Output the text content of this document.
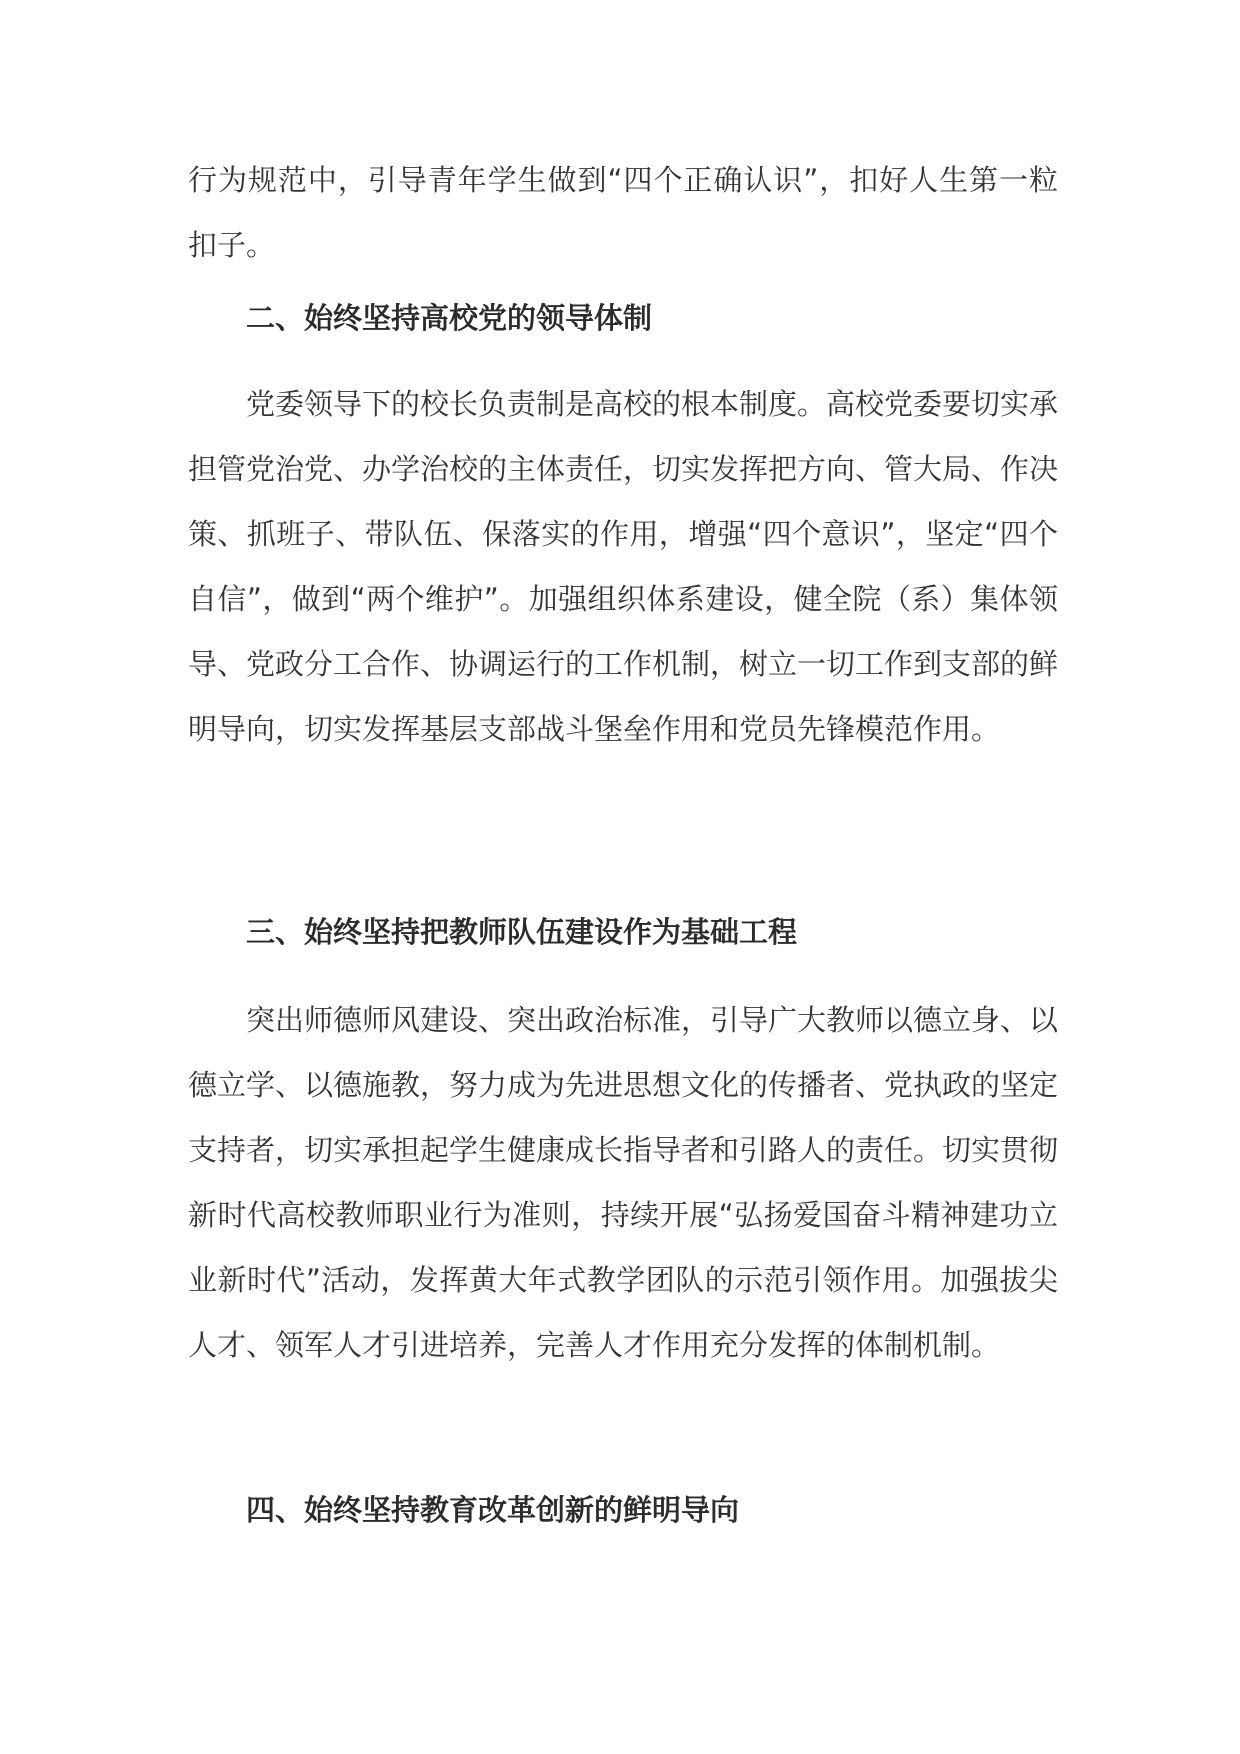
行为规范中，引导青年学生做到“四个正确认识”，扣好人生第一粒扣子。

二、始终坚持高校党的领导体制

党委领导下的校长负责制是高校的根本制度。高校党委要切实承担管党治党、办学治校的主体责任，切实发挥把方向、管大局、作决策、抓班子、带队伍、保落实的作用，增强“四个意识”，坚定“四个自信”，做到“两个维护”。加强组织体系建设，健全院（系）集体领导、党政分工合作、协调运行的工作机制，树立一切工作到支部的鲜明导向，切实发挥基层支部战斗堡垒作用和党员先锋模范作用。

三、始终坚持把教师队伍建设作为基础工程

突出师德师风建设、突出政治标准，引导广大教师以德立身、以德立学、以德施教，努力成为先进思想文化的传播者、党执政的坚定支持者，切实承担起学生健康成长指导者和引路人的责任。切实贯彻新时代高校教师职业行为准则，持续开展“弘扬爱国奋斗精神建功立业新时代”活动，发挥黄大年式教学团队的示范引领作用。加强拔尖人才、领军人才引进培养，完善人才作用充分发挥的体制机制。

四、始终坚持教育改革创新的鲜明导向
